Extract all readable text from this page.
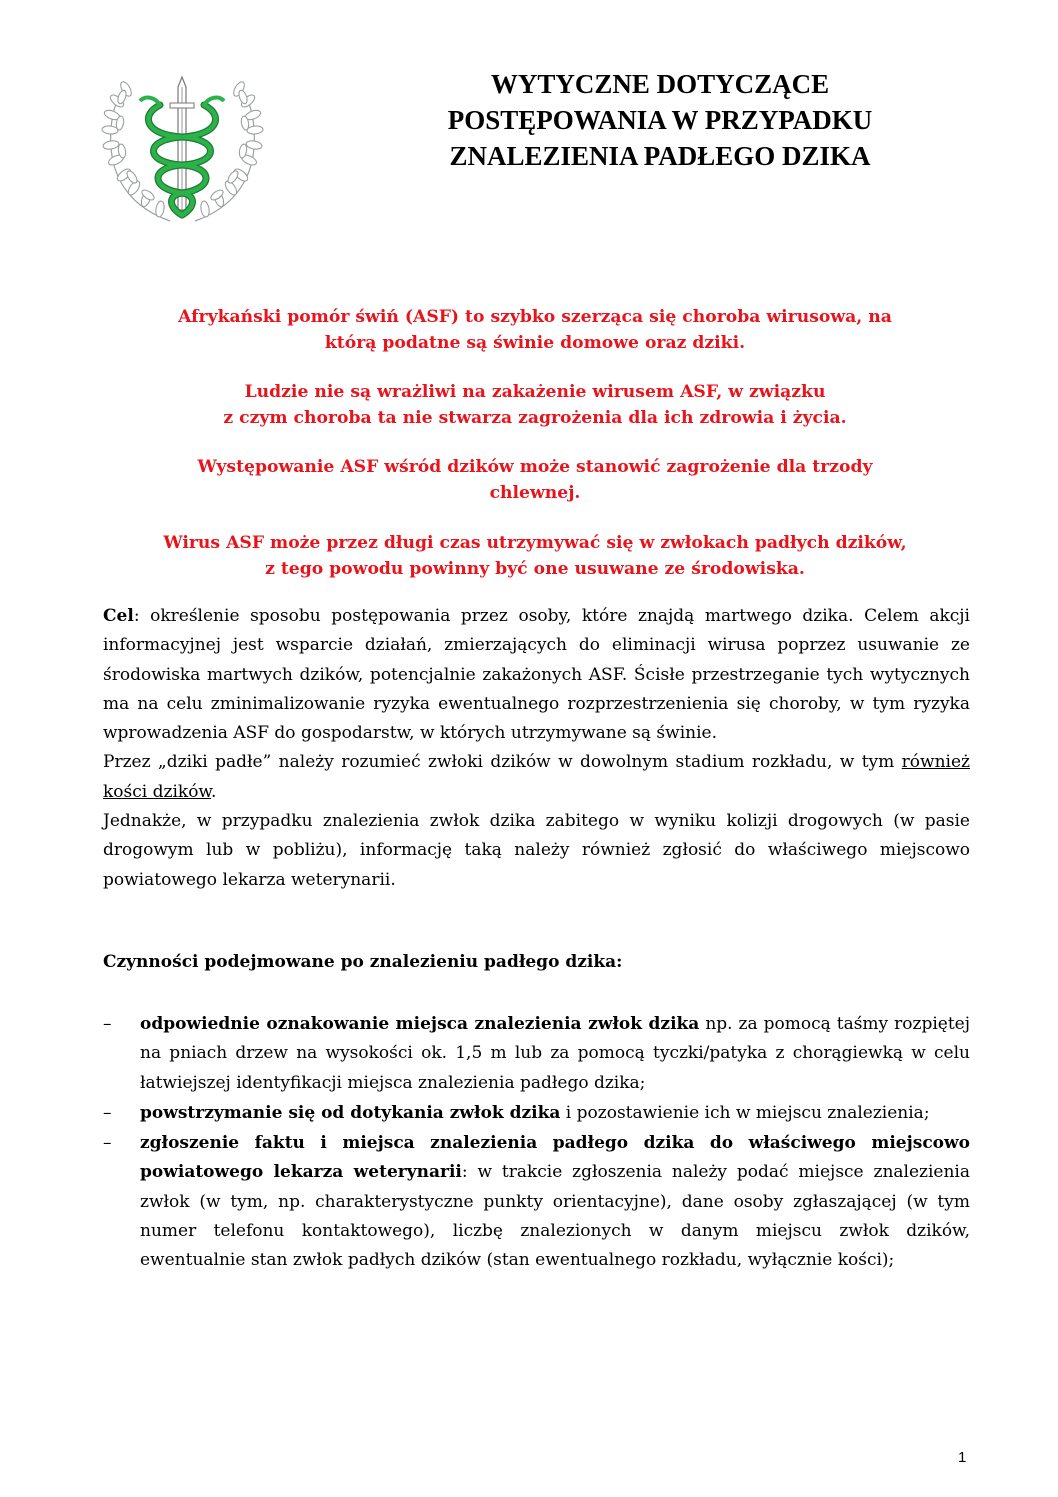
WYTYCZNE DOTYCZĄCE
POSTĘPOWANIA W PRZYPADKU
ZNALEZIENIA PADŁEGO DZIKA
Afrykański pomór świń (ASF) to szybko szerząca się choroba wirusowa, na
którą podatne są świnie domowe oraz dziki.
Ludzie nie są wrażliwi na zakażenie wirusem ASF, w związku
z czym choroba ta nie stwarza zagrożenia dla ich zdrowia i życia.
Występowanie ASF wśród dzików może stanowić zagrożenie dla trzody
chlewnej.
Wirus ASF może przez długi czas utrzymywać się w zwłokach padłych dzików,
z tego powodu powinny być one usuwane ze środowiska.
Cel: określenie sposobu postępowania przez osoby, które znajdą martwego dzika. Celem akcji informacyjnej jest wsparcie działań, zmierzających do eliminacji wirusa poprzez usuwanie ze środowiska martwych dzików, potencjalnie zakażonych ASF. Ścisłe przestrzeganie tych wytycznych ma na celu zminimalizowanie ryzyka ewentualnego rozprzestrzenienia się choroby, w tym ryzyka wprowadzenia ASF do gospodarstw, w których utrzymywane są świnie.
Przez „dziki padłe” należy rozumieć zwłoki dzików w dowolnym stadium rozkładu, w tym również kości dzików.
Jednakże, w przypadku znalezienia zwłok dzika zabitego w wyniku kolizji drogowych (w pasie drogowym lub w pobliżu), informację taką należy również zgłosić do właściwego miejscowo powiatowego lekarza weterynarii.
Czynności podejmowane po znalezieniu padłego dzika:
– odpowiednie oznakowanie miejsca znalezienia zwłok dzika np. za pomocą taśmy rozpiętej na pniach drzew na wysokości ok. 1,5 m lub za pomocą tyczki/patyka z chorągiewką w celu łatwiejszej identyfikacji miejsca znalezienia padłego dzika;
– powstrzymanie się od dotykania zwłok dzika i pozostawienie ich w miejscu znalezienia;
– zgłoszenie faktu i miejsca znalezienia padłego dzika do właściwego miejscowo powiatowego lekarza weterynarii: w trakcie zgłoszenia należy podać miejsce znalezienia zwłok (w tym, np. charakterystyczne punkty orientacyjne), dane osoby zgłaszającej (w tym numer telefonu kontaktowego), liczbę znalezionych w danym miejscu zwłok dzików, ewentualnie stan zwłok padłych dzików (stan ewentualnego rozkładu, wyłącznie kości);
1
